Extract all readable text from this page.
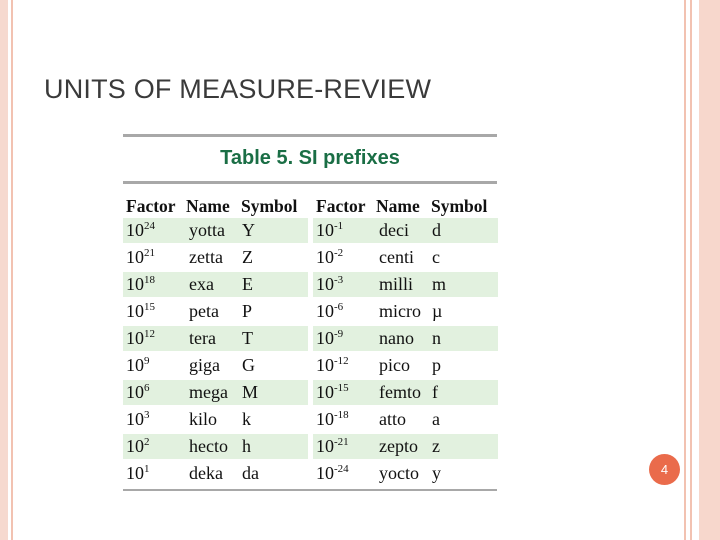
UNITS OF MEASURE-REVIEW
Table 5. SI prefixes
Factor	Name	Symbol		Factor	Name	Symbol
$10^{24}$	yotta	Y		$10^{-1}$	deci	d
$10^{21}$	zetta	Z		$10^{-2}$	centi	c
$10^{18}$	exa	E		$10^{-3}$	milli	m
$10^{15}$	peta	P		$10^{-6}$	micro	µ
$10^{12}$	tera	T		$10^{-9}$	nano	n
$10^9$	giga	G		$10^{-12}$	pico	p
$10^6$	mega	M		$10^{-15}$	femto	f
$10^3$	kilo	k		$10^{-18}$	atto	a
$10^2$	hecto	h		$10^{-21}$	zepto	z
$10^1$	deka	da		$10^{-24}$	yocto	y	4
